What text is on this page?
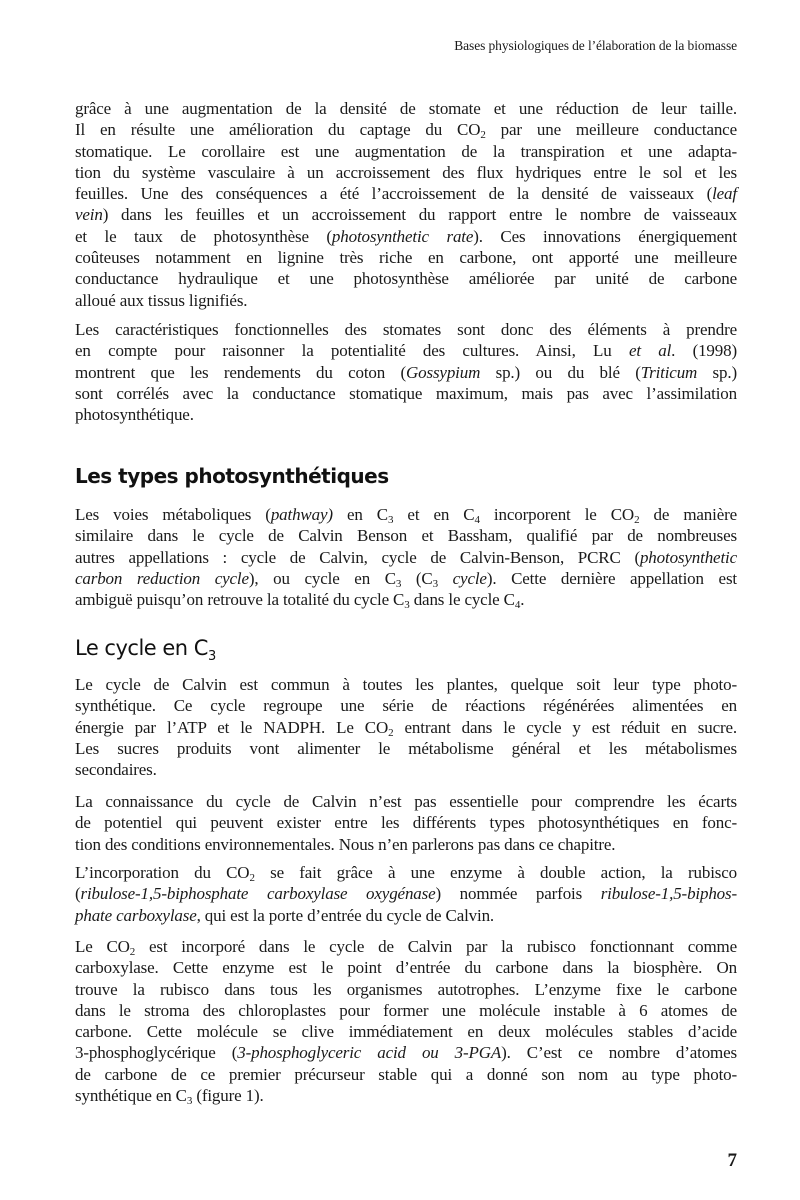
Bases physiologiques de l’élaboration de la biomasse
grâce à une augmentation de la densité de stomate et une réduction de leur taille.
Il en résulte une amélioration du captage du $CO_2$ par une meilleure conductance
stomatique. Le corollaire est une augmentation de la transpiration et une adapta-
tion du système vasculaire à un accroissement des flux hydriques entre le sol et les
feuilles. Une des conséquences a été l’accroissement de la densité de vaisseaux (leaf
vein) dans les feuilles et un accroissement du rapport entre le nombre de vaisseaux
et le taux de photosynthèse (photosynthetic rate). Ces innovations énergiquement
coûteuses notamment en lignine très riche en carbone, ont apporté une meilleure
conductance hydraulique et une photosynthèse améliorée par unité de carbone
alloué aux tissus lignifiés.
Les caractéristiques fonctionnelles des stomates sont donc des éléments à prendre
en compte pour raisonner la potentialité des cultures. Ainsi, Lu et al. (1998)
montrent que les rendements du coton (Gossypium sp.) ou du blé (Triticum sp.)
sont corrélés avec la conductance stomatique maximum, mais pas avec l’assimilation
photosynthétique.
Les types photosynthétiques
Les voies métaboliques (pathway) en $C_3$ et en $C_4$ incorporent le $CO_2$ de manière
similaire dans le cycle de Calvin Benson et Bassham, qualifié par de nombreuses
autres appellations : cycle de Calvin, cycle de Calvin-Benson, PCRC (photosynthetic
carbon reduction cycle), ou cycle en $C_3$ ($C_3$ cycle). Cette dernière appellation est
ambiguë puisqu’on retrouve la totalité du cycle $C_3$ dans le cycle $C_4$.
Le cycle en $C_3$
Le cycle de Calvin est commun à toutes les plantes, quelque soit leur type photo-
synthétique. Ce cycle regroupe une série de réactions régénérées alimentées en
énergie par l’ATP et le NADPH. Le $CO_2$ entrant dans le cycle y est réduit en sucre.
Les sucres produits vont alimenter le métabolisme général et les métabolismes
secondaires.
La connaissance du cycle de Calvin n’est pas essentielle pour comprendre les écarts
de potentiel qui peuvent exister entre les différents types photosynthétiques en fonc-
tion des conditions environnementales. Nous n’en parlerons pas dans ce chapitre.
L’incorporation du $CO_2$ se fait grâce à une enzyme à double action, la rubisco
(ribulose-1,5-biphosphate carboxylase oxygénase) nommée parfois ribulose-1,5-biphos-
phate carboxylase, qui est la porte d’entrée du cycle de Calvin.
Le $CO_2$ est incorporé dans le cycle de Calvin par la rubisco fonctionnant comme
carboxylase. Cette enzyme est le point d’entrée du carbone dans la biosphère. On
trouve la rubisco dans tous les organismes autotrophes. L’enzyme fixe le carbone
dans le stroma des chloroplastes pour former une molécule instable à 6 atomes de
carbone. Cette molécule se clive immédiatement en deux molécules stables d’acide
3-phosphoglycérique (3-phosphoglyceric acid ou 3-PGA). C’est ce nombre d’atomes
de carbone de ce premier précurseur stable qui a donné son nom au type photo-
synthétique en $C_3$ (figure 1).
7
